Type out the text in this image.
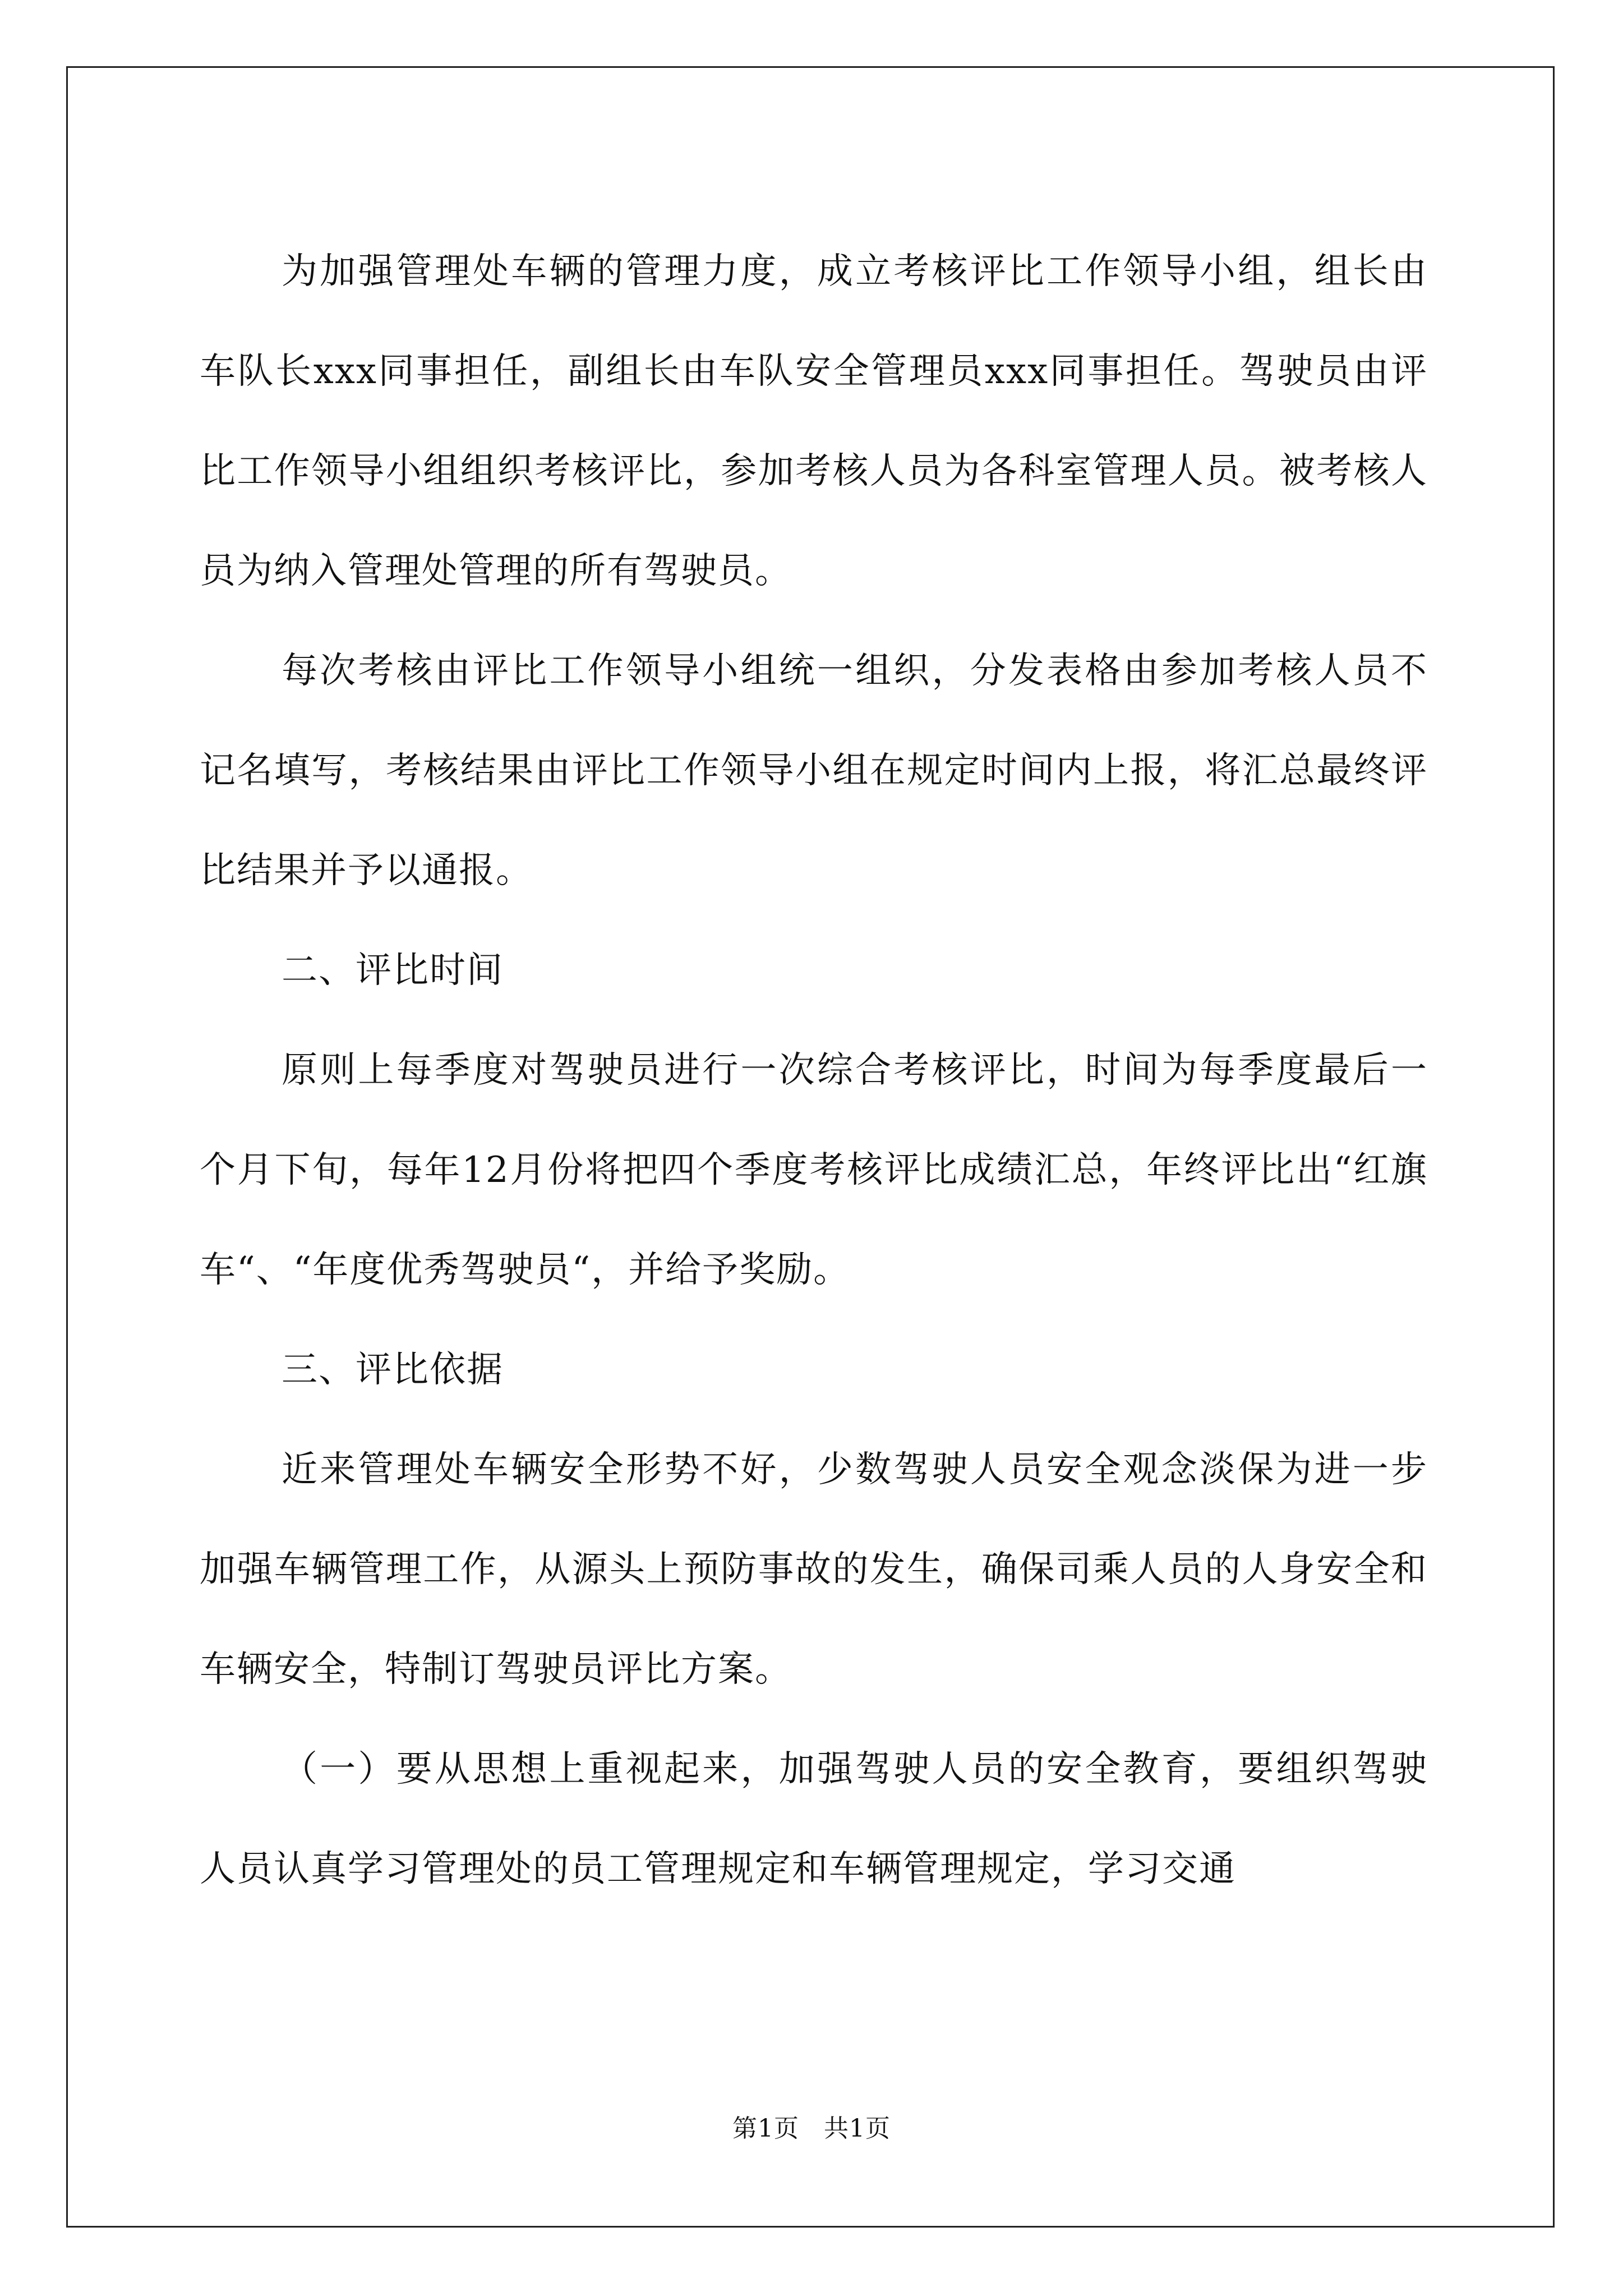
为加强管理处车辆的管理力度，成立考核评比工作领导小组，组长由车队长xxx同事担任，副组长由车队安全管理员xxx同事担任。驾驶员由评比工作领导小组组织考核评比，参加考核人员为各科室管理人员。被考核人员为纳入管理处管理的所有驾驶员。

每次考核由评比工作领导小组统一组织，分发表格由参加考核人员不记名填写，考核结果由评比工作领导小组在规定时间内上报，将汇总最终评比结果并予以通报。

二、评比时间

原则上每季度对驾驶员进行一次综合考核评比，时间为每季度最后一个月下旬，每年12月份将把四个季度考核评比成绩汇总，年终评比出“红旗车“、“年度优秀驾驶员“，并给予奖励。

三、评比依据

近来管理处车辆安全形势不好，少数驾驶人员安全观念淡保为进一步加强车辆管理工作，从源头上预防事故的发生，确保司乘人员的人身安全和车辆安全，特制订驾驶员评比方案。

（一）要从思想上重视起来，加强驾驶人员的安全教育，要组织驾驶人员认真学习管理处的员工管理规定和车辆管理规定，学习交通

第1页 共1页
